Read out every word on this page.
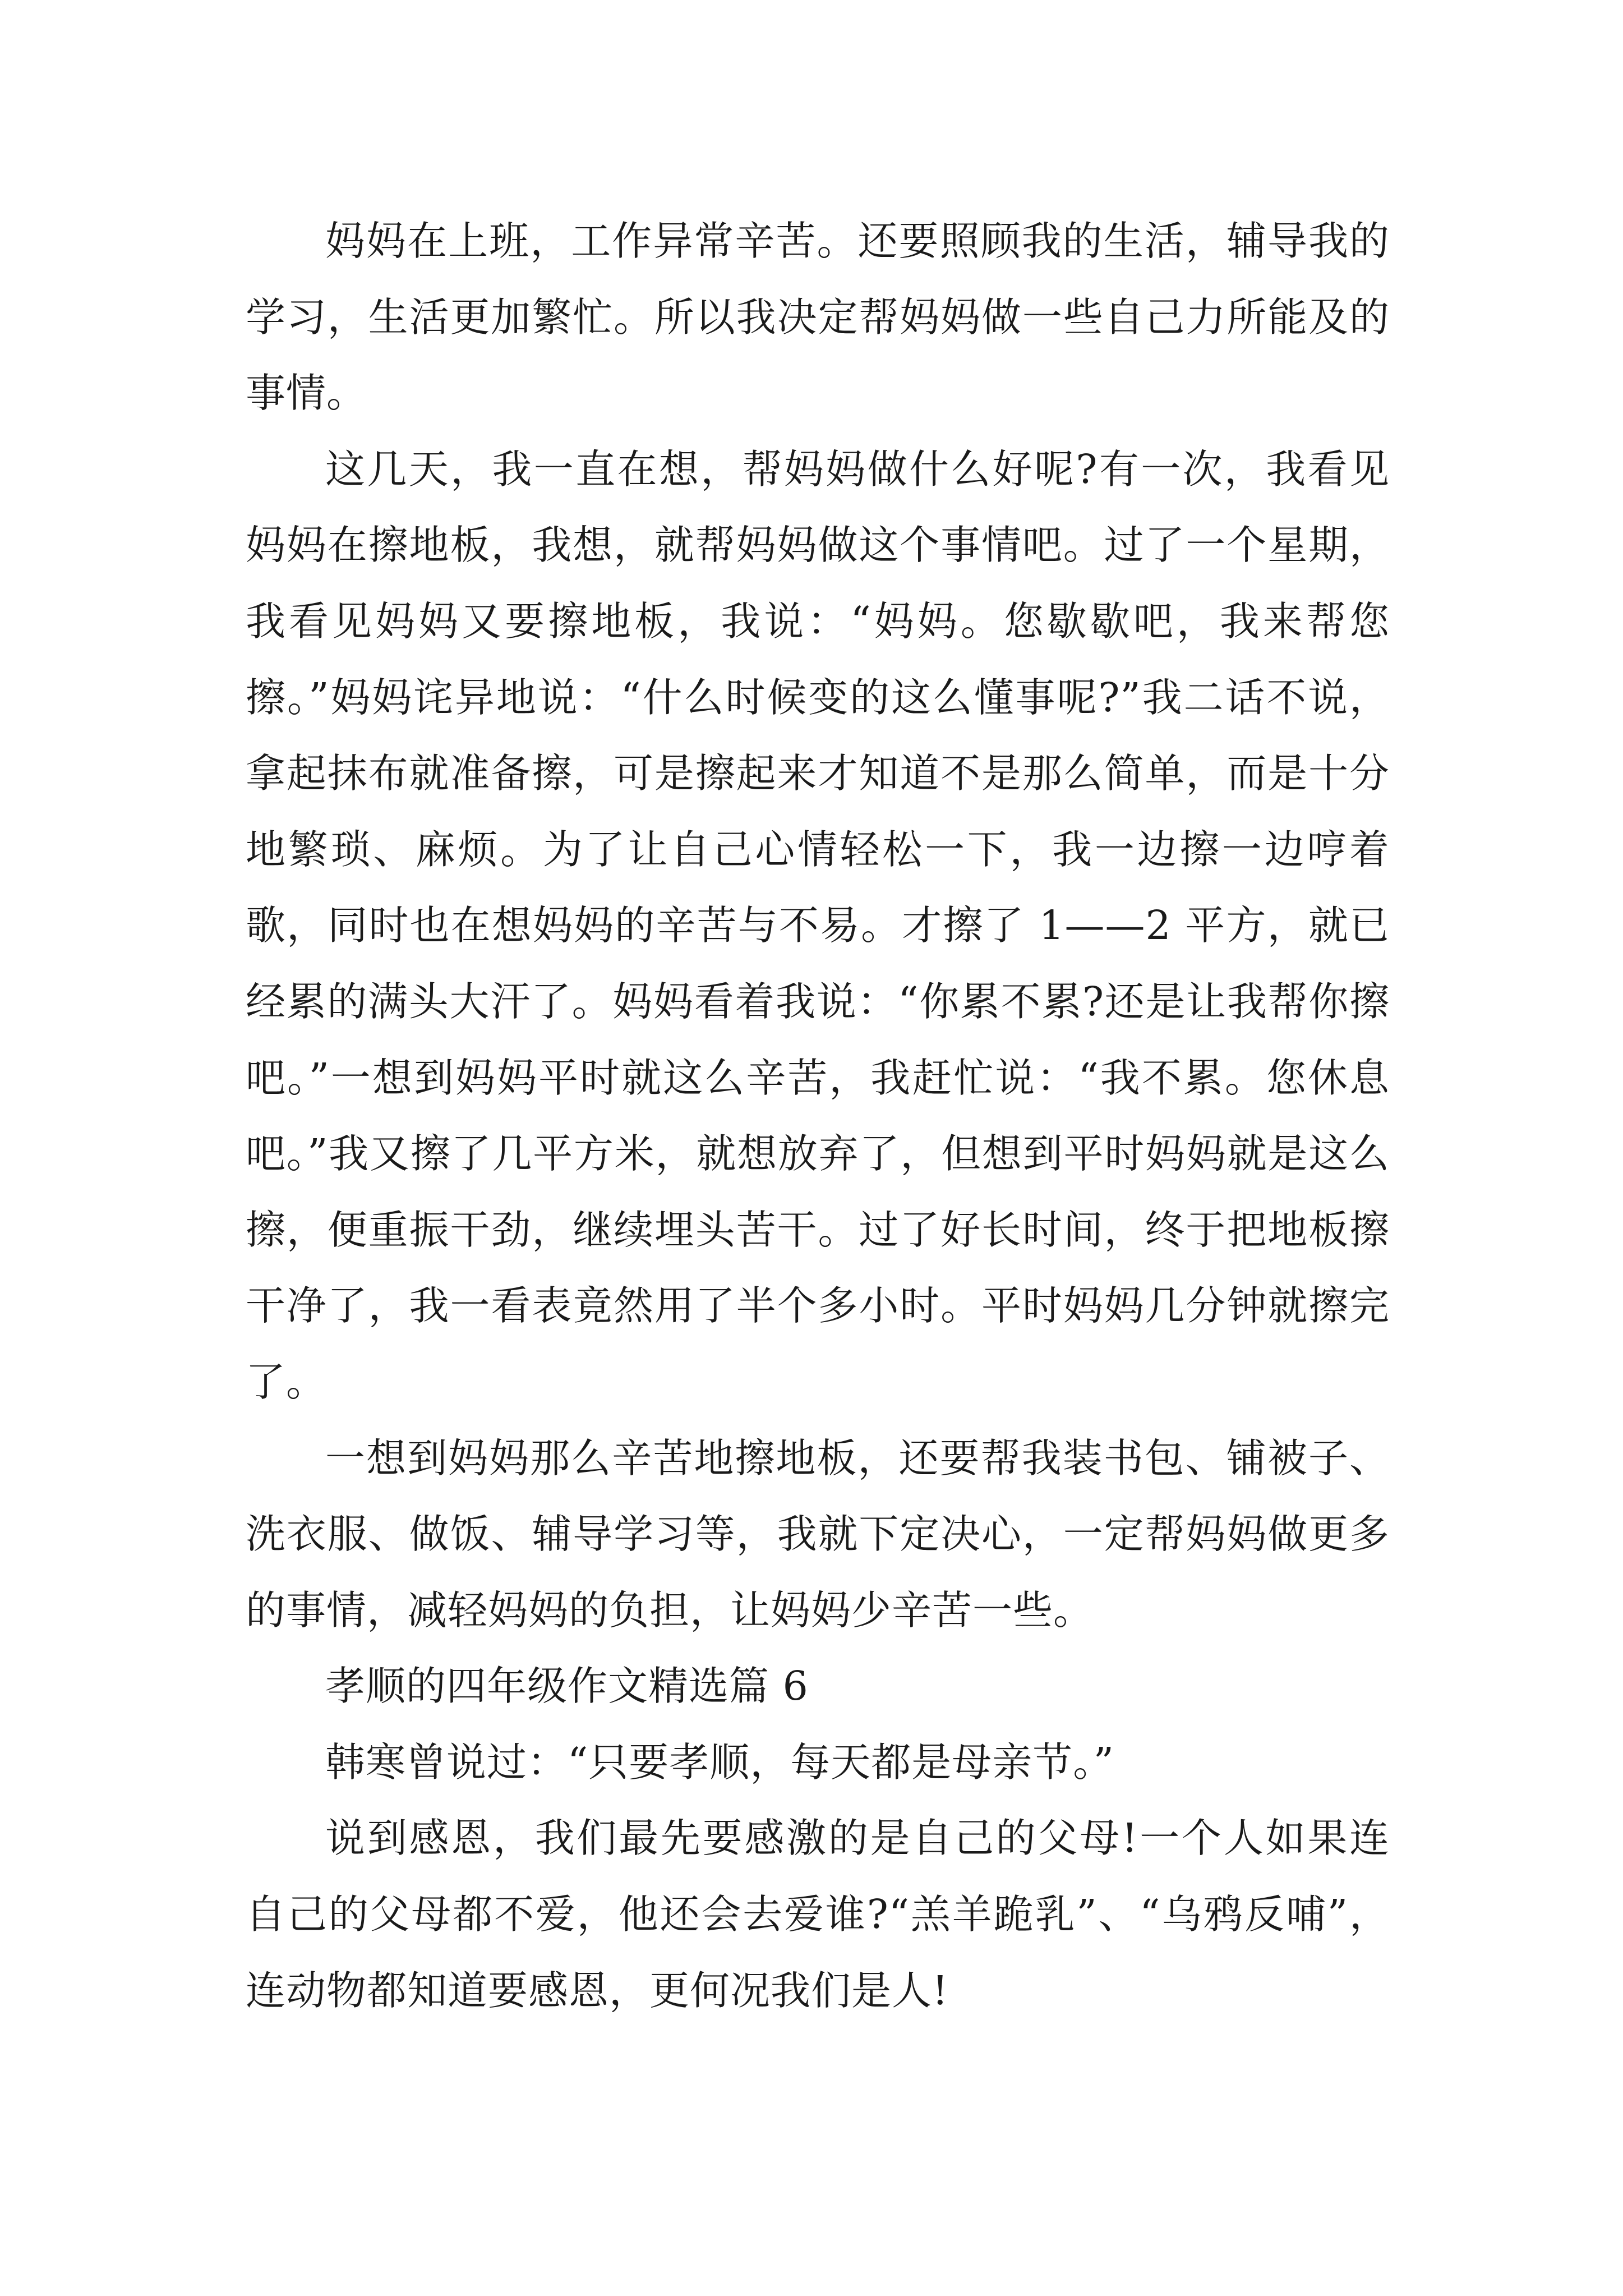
妈妈在上班，工作异常辛苦。还要照顾我的生活，辅导我的学习，生活更加繁忙。所以我决定帮妈妈做一些自己力所能及的事情。

这几天，我一直在想，帮妈妈做什么好呢?有一次，我看见妈妈在擦地板，我想，就帮妈妈做这个事情吧。过了一个星期，我看见妈妈又要擦地板，我说：“妈妈。您歇歇吧，我来帮您擦。”妈妈诧异地说：“什么时候变的这么懂事呢?”我二话不说，拿起抹布就准备擦，可是擦起来才知道不是那么简单，而是十分地繁琐、麻烦。为了让自己心情轻松一下，我一边擦一边哼着歌，同时也在想妈妈的辛苦与不易。才擦了 1——2 平方，就已经累的满头大汗了。妈妈看着我说：“你累不累?还是让我帮你擦吧。”一想到妈妈平时就这么辛苦，我赶忙说：“我不累。您休息吧。”我又擦了几平方米，就想放弃了，但想到平时妈妈就是这么擦，便重振干劲，继续埋头苦干。过了好长时间，终于把地板擦干净了，我一看表竟然用了半个多小时。平时妈妈几分钟就擦完了。

一想到妈妈那么辛苦地擦地板，还要帮我装书包、铺被子、洗衣服、做饭、辅导学习等，我就下定决心，一定帮妈妈做更多的事情，减轻妈妈的负担，让妈妈少辛苦一些。

孝顺的四年级作文精选篇 6

韩寒曾说过：“只要孝顺，每天都是母亲节。”

说到感恩，我们最先要感激的是自己的父母!一个人如果连自己的父母都不爱，他还会去爱谁?“羔羊跪乳”、“乌鸦反哺”，连动物都知道要感恩，更何况我们是人!
